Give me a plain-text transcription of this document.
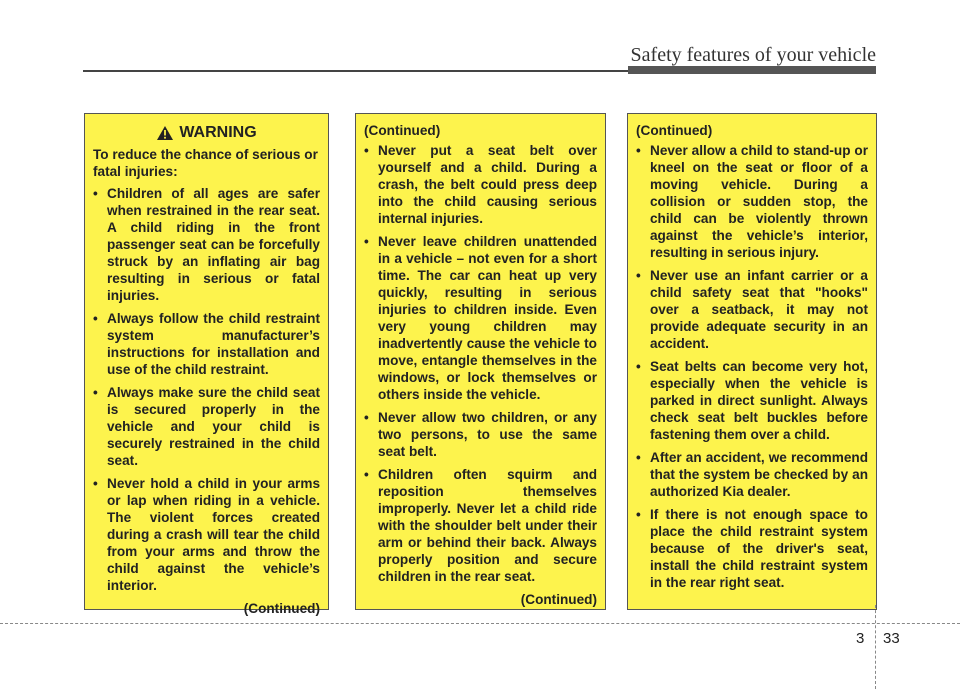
Safety features of your vehicle
WARNING
To reduce the chance of serious or fatal injuries:
• Children of all ages are safer when restrained in the rear seat. A child riding in the front passenger seat can be forcefully struck by an inflating air bag resulting in serious or fatal injuries.
• Always follow the child restraint system manufacturer’s instructions for installation and use of the child restraint.
• Always make sure the child seat is secured properly in the vehicle and your child is securely restrained in the child seat.
• Never hold a child in your arms or lap when riding in a vehicle. The violent forces created during a crash will tear the child from your arms and throw the child against the vehicle’s interior.
(Continued)
(Continued)
• Never put a seat belt over yourself and a child. During a crash, the belt could press deep into the child causing serious internal injuries.
• Never leave children unattended in a vehicle – not even for a short time. The car can heat up very quickly, resulting in serious injuries to children inside. Even very young children may inadvertently cause the vehicle to move, entangle themselves in the windows, or lock themselves or others inside the vehicle.
• Never allow two children, or any two persons, to use the same seat belt.
• Children often squirm and reposition themselves improperly. Never let a child ride with the shoulder belt under their arm or behind their back. Always properly position and secure children in the rear seat.
(Continued)
(Continued)
• Never allow a child to stand-up or kneel on the seat or floor of a moving vehicle. During a collision or sudden stop, the child can be violently thrown against the vehicle’s interior, resulting in serious injury.
• Never use an infant carrier or a child safety seat that "hooks" over a seatback, it may not provide adequate security in an accident.
• Seat belts can become very hot, especially when the vehicle is parked in direct sunlight. Always check seat belt buckles before fastening them over a child.
• After an accident, we recommend that the system be checked by an authorized Kia dealer.
• If there is not enough space to place the child restraint system because of the driver's seat, install the child restraint system in the rear right seat.
3 33
